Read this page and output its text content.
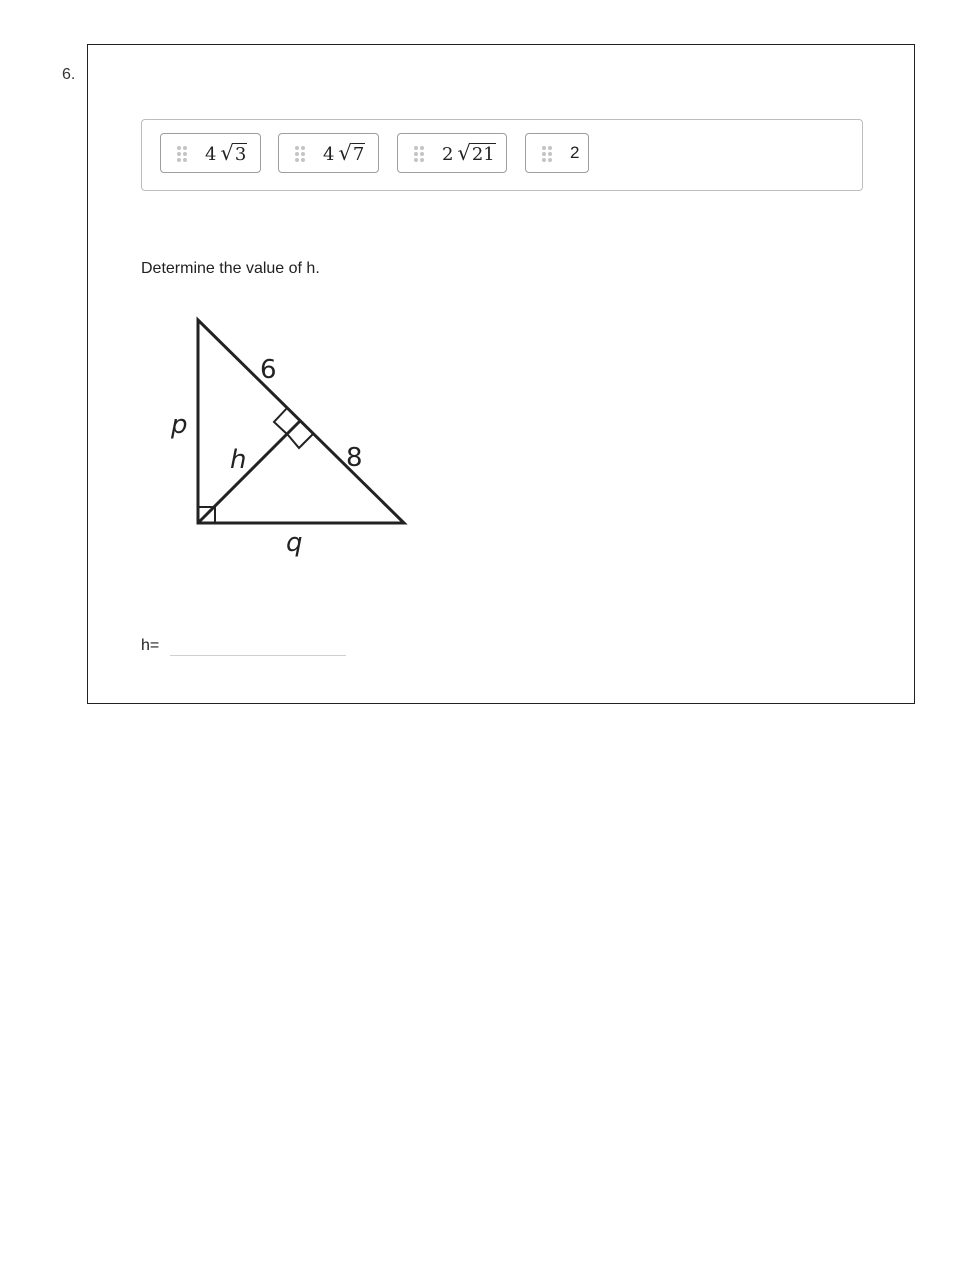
6.
4 √3	4 √7	2 √21	2
Determine the value of h.
p
h
q
6
8
h=
